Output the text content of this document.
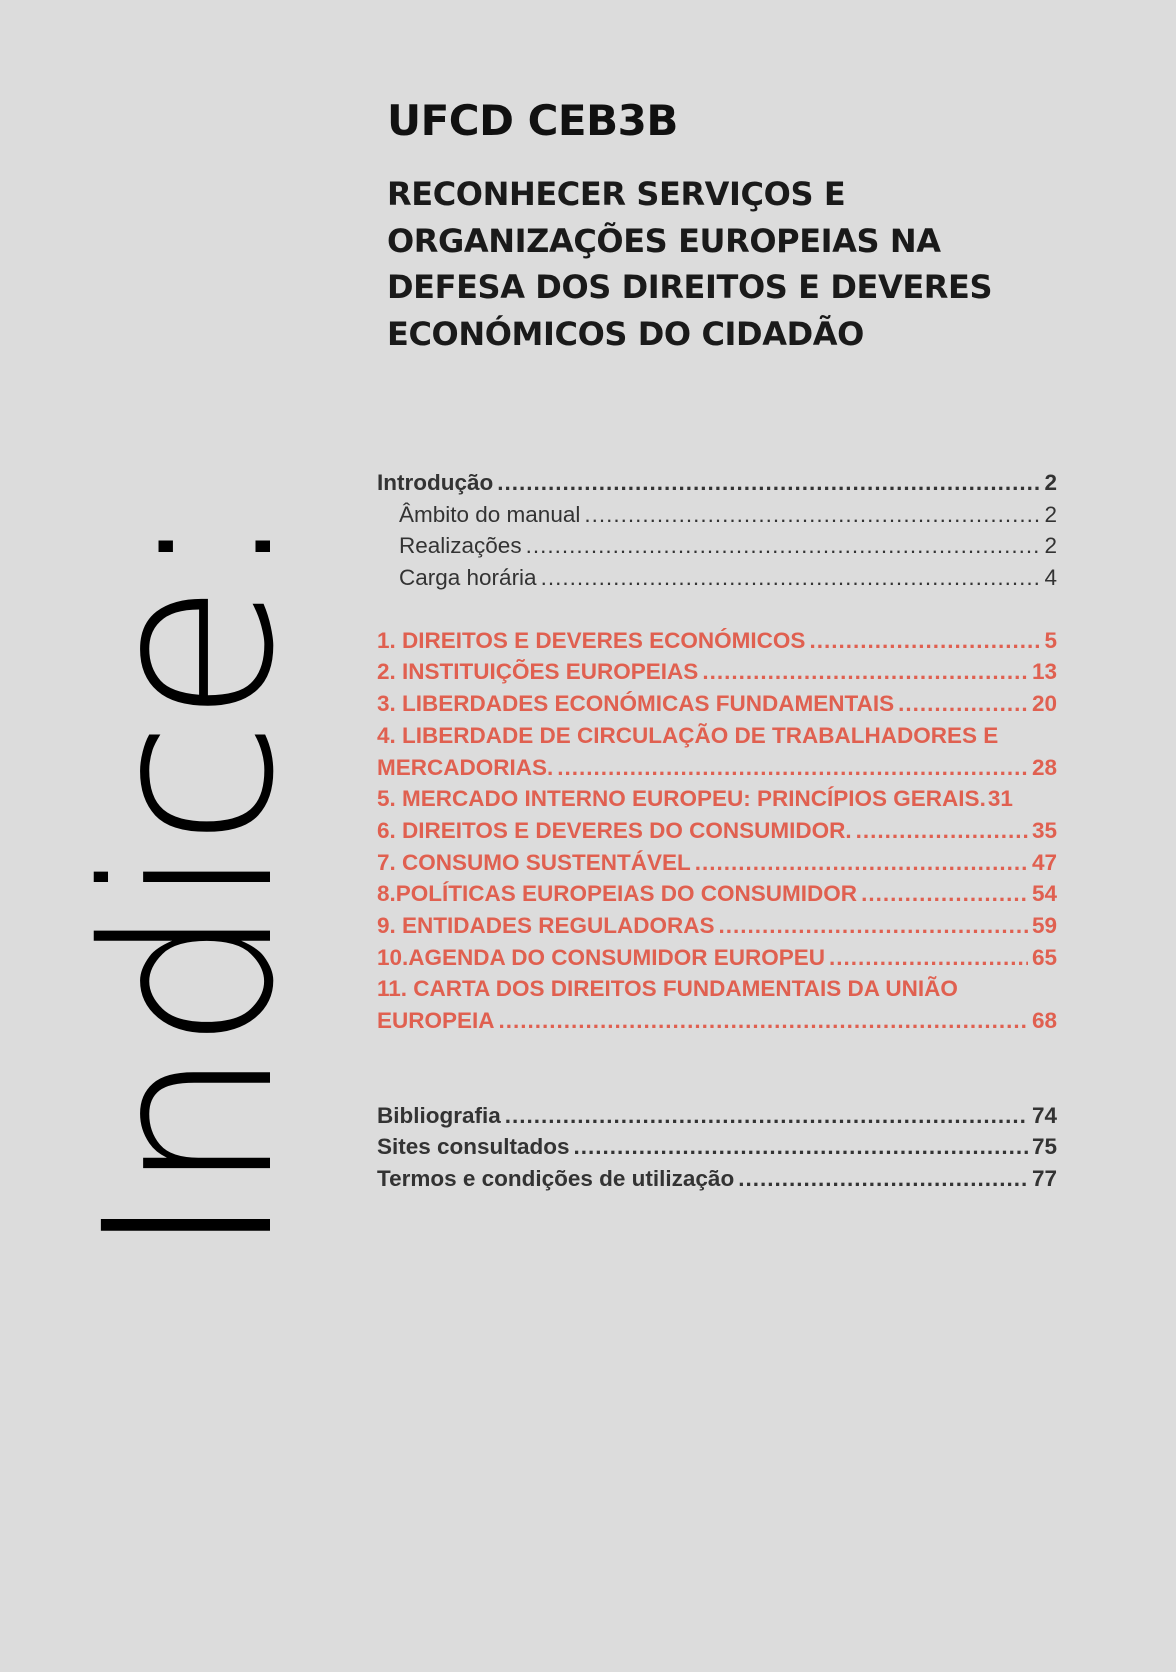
Indice:
UFCD CEB3B
RECONHECER SERVIÇOS E
ORGANIZAÇÕES EUROPEIAS NA
DEFESA DOS DIREITOS E DEVERES
ECONÓMICOS DO CIDADÃO
Introdução .....	2
Âmbito do manual .....	2
Realizações .....	2
Carga horária .....	4
1. DIREITOS E DEVERES ECONÓMICOS .....	5
2. INSTITUIÇÕES EUROPEIAS .....	13
3. LIBERDADES ECONÓMICAS FUNDAMENTAIS .....	20
4. LIBERDADE DE CIRCULAÇÃO DE TRABALHADORES E
MERCADORIAS. .....	28
5. MERCADO INTERNO EUROPEU: PRINCÍPIOS GERAIS. 31
6. DIREITOS E DEVERES DO CONSUMIDOR. .....	35
7. CONSUMO SUSTENTÁVEL .....	47
8.POLÍTICAS EUROPEIAS DO CONSUMIDOR .....	54
9. ENTIDADES REGULADORAS .....	59
10.AGENDA DO CONSUMIDOR EUROPEU .....	65
11. CARTA DOS DIREITOS FUNDAMENTAIS DA UNIÃO
EUROPEIA .....	68
Bibliografia .....	74
Sites consultados .....	75
Termos e condições de utilização .....	77
